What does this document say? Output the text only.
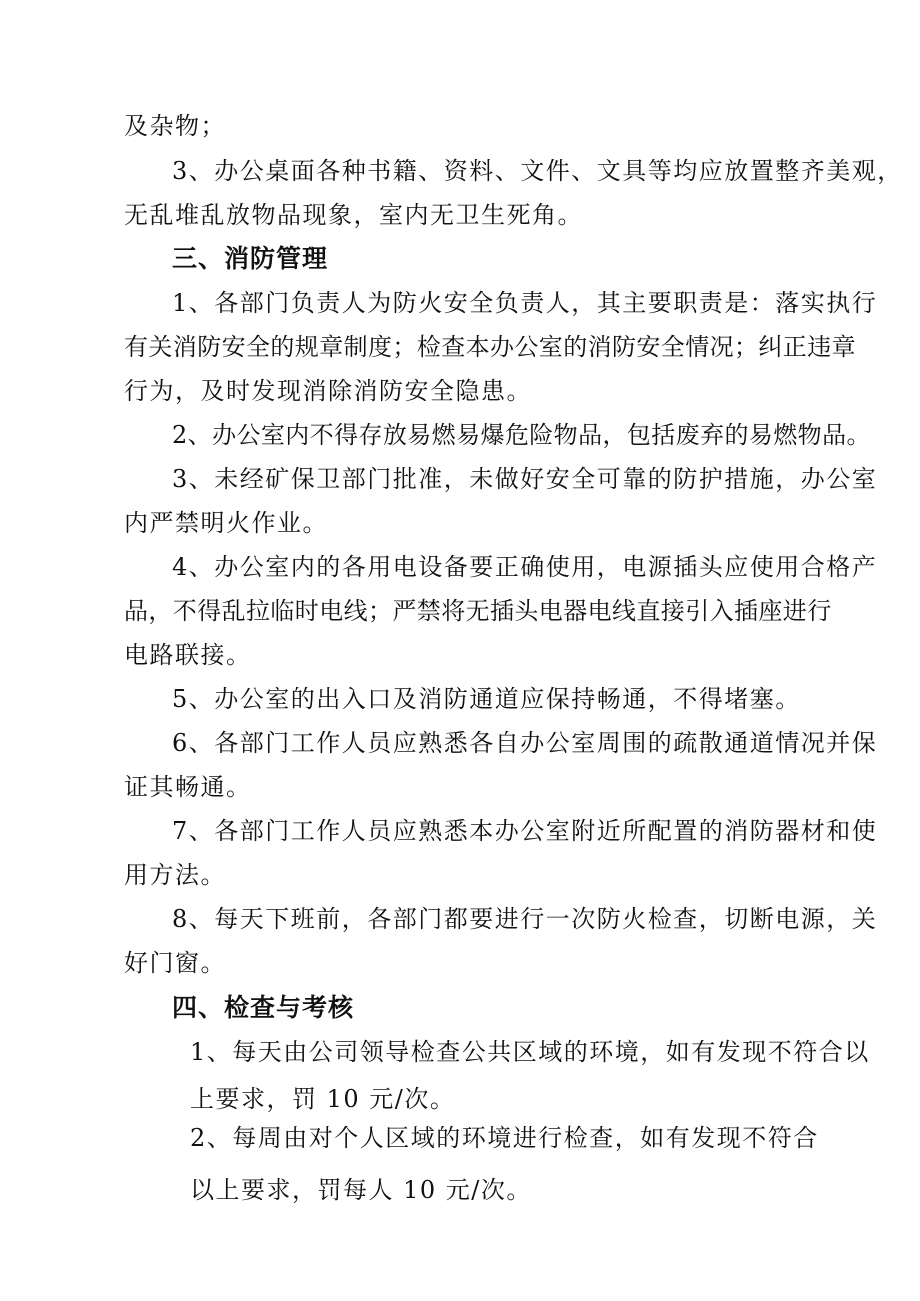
及杂物；
3、办公桌面各种书籍、资料、文件、文具等均应放置整齐美观，
无乱堆乱放物品现象，室内无卫生死角。
三、消防管理
1、各部门负责人为防火安全负责人，其主要职责是：落实执行
有关消防安全的规章制度；检查本办公室的消防安全情况；纠正违章
行为，及时发现消除消防安全隐患。
2、办公室内不得存放易燃易爆危险物品，包括废弃的易燃物品。
3、未经矿保卫部门批准，未做好安全可靠的防护措施，办公室
内严禁明火作业。
4、办公室内的各用电设备要正确使用，电源插头应使用合格产
品，不得乱拉临时电线；严禁将无插头电器电线直接引入插座进行
电路联接。
5、办公室的出入口及消防通道应保持畅通，不得堵塞。
6、各部门工作人员应熟悉各自办公室周围的疏散通道情况并保
证其畅通。
7、各部门工作人员应熟悉本办公室附近所配置的消防器材和使
用方法。
8、每天下班前，各部门都要进行一次防火检查，切断电源，关
好门窗。
四、检查与考核
1、每天由公司领导检查公共区域的环境，如有发现不符合以
上要求，罚 10 元/次。
2、每周由对个人区域的环境进行检查，如有发现不符合
以上要求，罚每人 10 元/次。
